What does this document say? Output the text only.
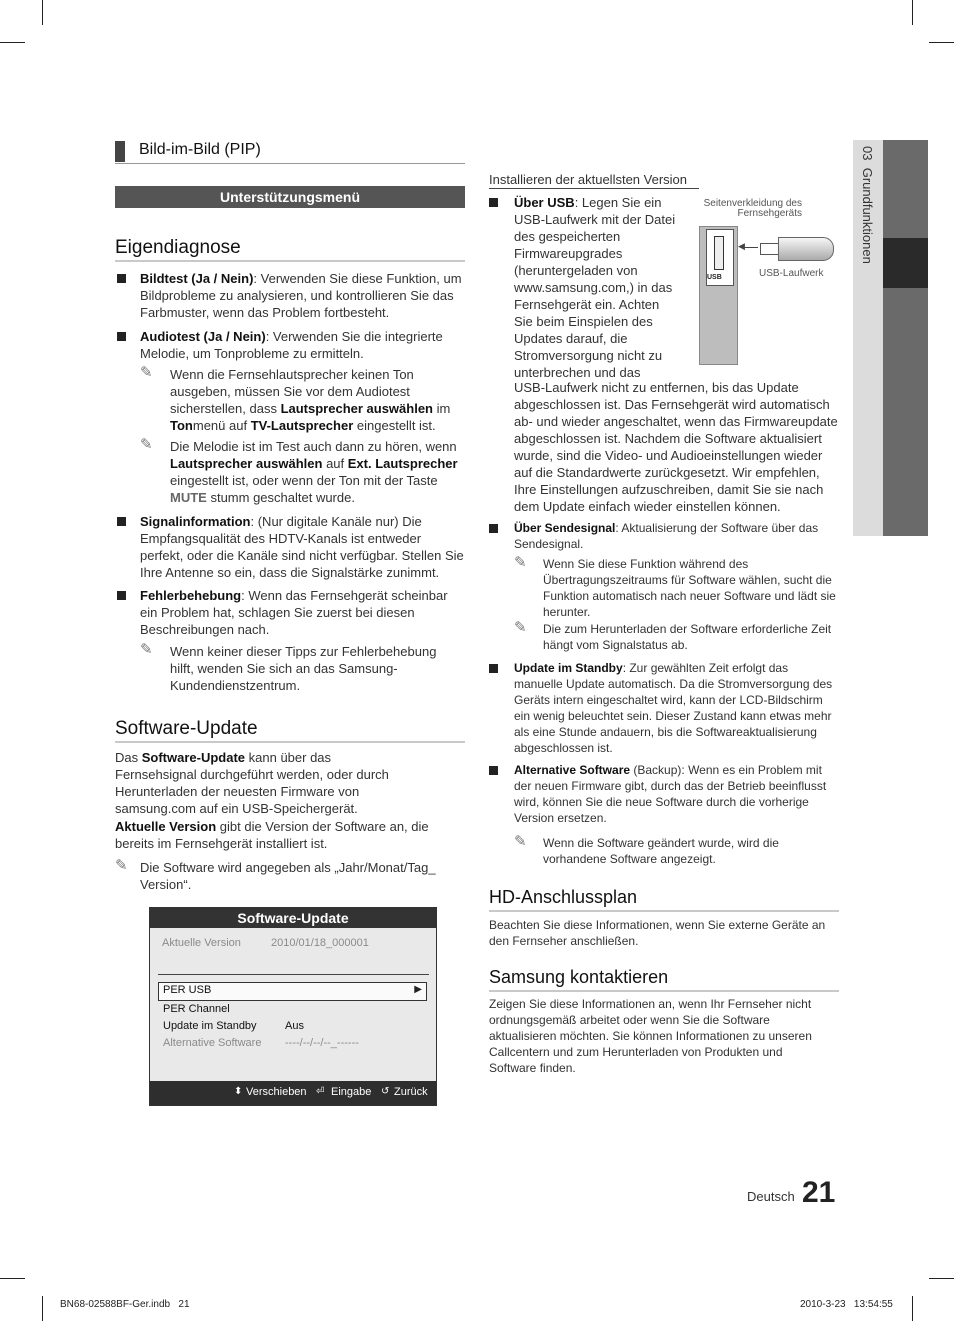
03  Grundfunktionen
Bild-im-Bild (PIP)
Unterstützungsmenü
Eigendiagnose
Bildtest (Ja / Nein): Verwenden Sie diese Funktion, um Bildprobleme zu analysieren, und kontrollieren Sie das Farbmuster, wenn das Problem fortbesteht.
Audiotest (Ja / Nein): Verwenden Sie die integrierte Melodie, um Tonprobleme zu ermitteln.
✎ Wenn die Fernsehlautsprecher keinen Ton ausgeben, müssen Sie vor dem Audiotest sicherstellen, dass Lautsprecher auswählen im Tonmenü auf TV-Lautsprecher eingestellt ist.
✎ Die Melodie ist im Test auch dann zu hören, wenn Lautsprecher auswählen auf Ext. Lautsprecher eingestellt ist, oder wenn der Ton mit der Taste MUTE stumm geschaltet wurde.
Signalinformation: (Nur digitale Kanäle nur) Die Empfangsqualität des HDTV-Kanals ist entweder perfekt, oder die Kanäle sind nicht verfügbar. Stellen Sie Ihre Antenne so ein, dass die Signalstärke zunimmt.
Fehlerbehebung: Wenn das Fernsehgerät scheinbar ein Problem hat, schlagen Sie zuerst bei diesen Beschreibungen nach.
✎ Wenn keiner dieser Tipps zur Fehlerbehebung hilft, wenden Sie sich an das Samsung-Kundendienstzentrum.
Software-Update
Das Software-Update kann über das Fernsehsignal durchgeführt werden, oder durch Herunterladen der neuesten Firmware von samsung.com auf ein USB-Speichergerät.
Aktuelle Version gibt die Version der Software an, die bereits im Fernsehgerät installiert ist.
✎ Die Software wird angegeben als „Jahr/Monat/Tag_ Version“.
Software-Update
Aktuelle Version	2010/01/18_000001
PER USB	▶
PER Channel
Update im Standby	Aus
Alternative Software ----/--/--/--_------
⬍ Verschieben ⏎ Eingabe ↺ Zurück
Installieren der aktuellsten Version
Über USB: Legen Sie ein USB-Laufwerk mit der Datei des gespeicherten Firmwareupgrades (heruntergeladen von www.samsung.com,) in das Fernsehgerät ein. Achten Sie beim Einspielen des Updates darauf, die Stromversorgung nicht zu unterbrechen und das
USB-Laufwerk nicht zu entfernen, bis das Update abgeschlossen ist. Das Fernsehgerät wird automatisch ab- und wieder angeschaltet, wenn das Firmwareupdate abgeschlossen ist. Nachdem die Software aktualisiert wurde, sind die Video- und Audioeinstellungen wieder auf die Standardwerte zurückgesetzt. Wir empfehlen, Ihre Einstellungen aufzuschreiben, damit Sie sie nach dem Update einfach wieder einstellen können.
Seitenverkleidung des Fernsehgeräts
USB
◀
USB-Laufwerk
Über Sendesignal: Aktualisierung der Software über das Sendesignal.
✎ Wenn Sie diese Funktion während des Übertragungszeitraums für Software wählen, sucht die Funktion automatisch nach neuer Software und lädt sie herunter.
✎ Die zum Herunterladen der Software erforderliche Zeit hängt vom Signalstatus ab.
Update im Standby: Zur gewählten Zeit erfolgt das manuelle Update automatisch. Da die Stromversorgung des Geräts intern eingeschaltet wird, kann der LCD-Bildschirm ein wenig beleuchtet sein. Dieser Zustand kann etwas mehr als eine Stunde andauern, bis die Softwareaktualisierung abgeschlossen ist.
Alternative Software (Backup): Wenn es ein Problem mit der neuen Firmware gibt, durch das der Betrieb beeinflusst wird, können Sie die neue Software durch die vorherige Version ersetzen.
✎ Wenn die Software geändert wurde, wird die vorhandene Software angezeigt.
HD-Anschlussplan
Beachten Sie diese Informationen, wenn Sie externe Geräte an den Fernseher anschließen.
Samsung kontaktieren
Zeigen Sie diese Informationen an, wenn Ihr Fernseher nicht ordnungsgemäß arbeitet oder wenn Sie die Software aktualisieren möchten. Sie können Informationen zu unseren Callcentern und zum Herunterladen von Produkten und Software finden.
Deutsch 21
BN68-02588BF-Ger.indb   21	2010-3-23   13:54:55
